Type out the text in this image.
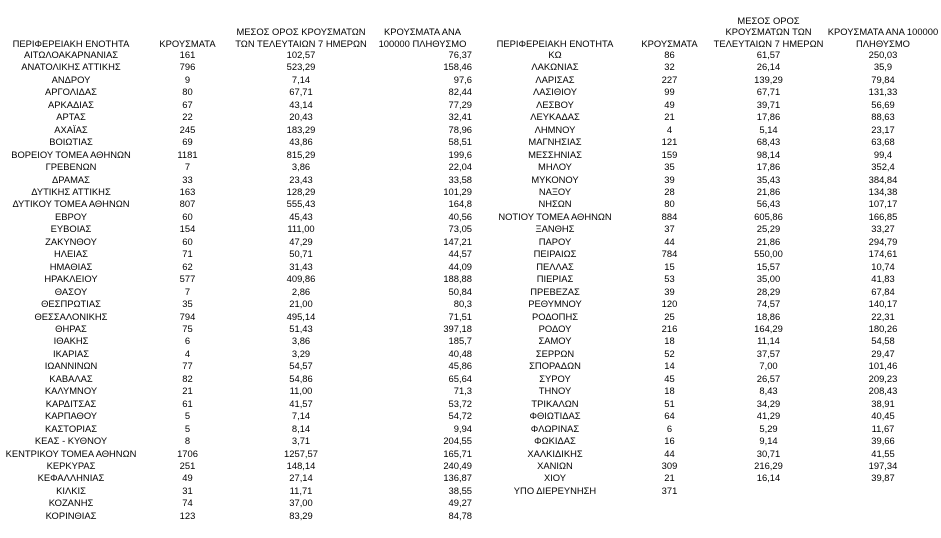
ΠΕΡΙΦΕΡΕΙΑΚΗ ΕΝΟΤΗΤΑ	ΚΡΟΥΣΜΑΤΑ	ΜΕΣΟΣ ΟΡΟΣ ΚΡΟΥΣΜΑΤΩΝ ΤΩΝ ΤΕΛΕΥΤΑΙΩΝ 7 ΗΜΕΡΩΝ	ΚΡΟΥΣΜΑΤΑ ΑΝΑ 100000 ΠΛΗΘΥΣΜΟ
ΑΙΤΩΛΟΑΚΑΡΝΑΝΙΑΣ	161	102,57	76,37
ΑΝΑΤΟΛΙΚΗΣ ΑΤΤΙΚΗΣ	796	523,29	158,46
ΑΝΔΡΟΥ	9	7,14	97,6
ΑΡΓΟΛΙΔΑΣ	80	67,71	82,44
ΑΡΚΑΔΙΑΣ	67	43,14	77,29
ΑΡΤΑΣ	22	20,43	32,41
ΑΧΑΪΑΣ	245	183,29	78,96
ΒΟΙΩΤΙΑΣ	69	43,86	58,51
ΒΟΡΕΙΟΥ ΤΟΜΕΑ ΑΘΗΝΩΝ	1181	815,29	199,6
ΓΡΕΒΕΝΩΝ	7	3,86	22,04
ΔΡΑΜΑΣ	33	23,43	33,58
ΔΥΤΙΚΗΣ ΑΤΤΙΚΗΣ	163	128,29	101,29
ΔΥΤΙΚΟΥ ΤΟΜΕΑ ΑΘΗΝΩΝ	807	555,43	164,8
ΕΒΡΟΥ	60	45,43	40,56
ΕΥΒΟΙΑΣ	154	111,00	73,05
ΖΑΚΥΝΘΟΥ	60	47,29	147,21
ΗΛΕΙΑΣ	71	50,71	44,57
ΗΜΑΘΙΑΣ	62	31,43	44,09
ΗΡΑΚΛΕΙΟΥ	577	409,86	188,88
ΘΑΣΟΥ	7	2,86	50,84
ΘΕΣΠΡΩΤΙΑΣ	35	21,00	80,3
ΘΕΣΣΑΛΟΝΙΚΗΣ	794	495,14	71,51
ΘΗΡΑΣ	75	51,43	397,18
ΙΘΑΚΗΣ	6	3,86	185,7
ΙΚΑΡΙΑΣ	4	3,29	40,48
ΙΩΑΝΝΙΝΩΝ	77	54,57	45,86
ΚΑΒΑΛΑΣ	82	54,86	65,64
ΚΑΛΥΜΝΟΥ	21	11,00	71,3
ΚΑΡΔΙΤΣΑΣ	61	41,57	53,72
ΚΑΡΠΑΘΟΥ	5	7,14	54,72
ΚΑΣΤΟΡΙΑΣ	5	8,14	9,94
ΚΕΑΣ - ΚΥΘΝΟΥ	8	3,71	204,55
ΚΕΝΤΡΙΚΟΥ ΤΟΜΕΑ ΑΘΗΝΩΝ	1706	1257,57	165,71
ΚΕΡΚΥΡΑΣ	251	148,14	240,49
ΚΕΦΑΛΛΗΝΙΑΣ	49	27,14	136,87
ΚΙΛΚΙΣ	31	11,71	38,55
ΚΟΖΑΝΗΣ	74	37,00	49,27
ΚΟΡΙΝΘΙΑΣ	123	83,29	84,78
ΠΕΡΙΦΕΡΕΙΑΚΗ ΕΝΟΤΗΤΑ	ΚΡΟΥΣΜΑΤΑ	ΜΕΣΟΣ ΟΡΟΣ ΚΡΟΥΣΜΑΤΩΝ ΤΩΝ ΤΕΛΕΥΤΑΙΩΝ 7 ΗΜΕΡΩΝ	ΚΡΟΥΣΜΑΤΑ ΑΝΑ 100000 ΠΛΗΘΥΣΜΟ
ΚΩ	86	61,57	250,03
ΛΑΚΩΝΙΑΣ	32	26,14	35,9
ΛΑΡΙΣΑΣ	227	139,29	79,84
ΛΑΣΙΘΙΟΥ	99	67,71	131,33
ΛΕΣΒΟΥ	49	39,71	56,69
ΛΕΥΚΑΔΑΣ	21	17,86	88,63
ΛΗΜΝΟΥ	4	5,14	23,17
ΜΑΓΝΗΣΙΑΣ	121	68,43	63,68
ΜΕΣΣΗΝΙΑΣ	159	98,14	99,4
ΜΗΛΟΥ	35	17,86	352,4
ΜΥΚΟΝΟΥ	39	35,43	384,84
ΝΑΞΟΥ	28	21,86	134,38
ΝΗΣΩΝ	80	56,43	107,17
ΝΟΤΙΟΥ ΤΟΜΕΑ ΑΘΗΝΩΝ	884	605,86	166,85
ΞΑΝΘΗΣ	37	25,29	33,27
ΠΑΡΟΥ	44	21,86	294,79
ΠΕΙΡΑΙΩΣ	784	550,00	174,61
ΠΕΛΛΑΣ	15	15,57	10,74
ΠΙΕΡΙΑΣ	53	35,00	41,83
ΠΡΕΒΕΖΑΣ	39	28,29	67,84
ΡΕΘΥΜΝΟΥ	120	74,57	140,17
ΡΟΔΟΠΗΣ	25	18,86	22,31
ΡΟΔΟΥ	216	164,29	180,26
ΣΑΜΟΥ	18	11,14	54,58
ΣΕΡΡΩΝ	52	37,57	29,47
ΣΠΟΡΑΔΩΝ	14	7,00	101,46
ΣΥΡΟΥ	45	26,57	209,23
ΤΗΝΟΥ	18	8,43	208,43
ΤΡΙΚΑΛΩΝ	51	34,29	38,91
ΦΘΙΩΤΙΔΑΣ	64	41,29	40,45
ΦΛΩΡΙΝΑΣ	6	5,29	11,67
ΦΩΚΙΔΑΣ	16	9,14	39,66
ΧΑΛΚΙΔΙΚΗΣ	44	30,71	41,55
ΧΑΝΙΩΝ	309	216,29	197,34
ΧΙΟΥ	21	16,14	39,87
ΥΠΟ ΔΙΕΡΕΥΝΗΣΗ	371		
